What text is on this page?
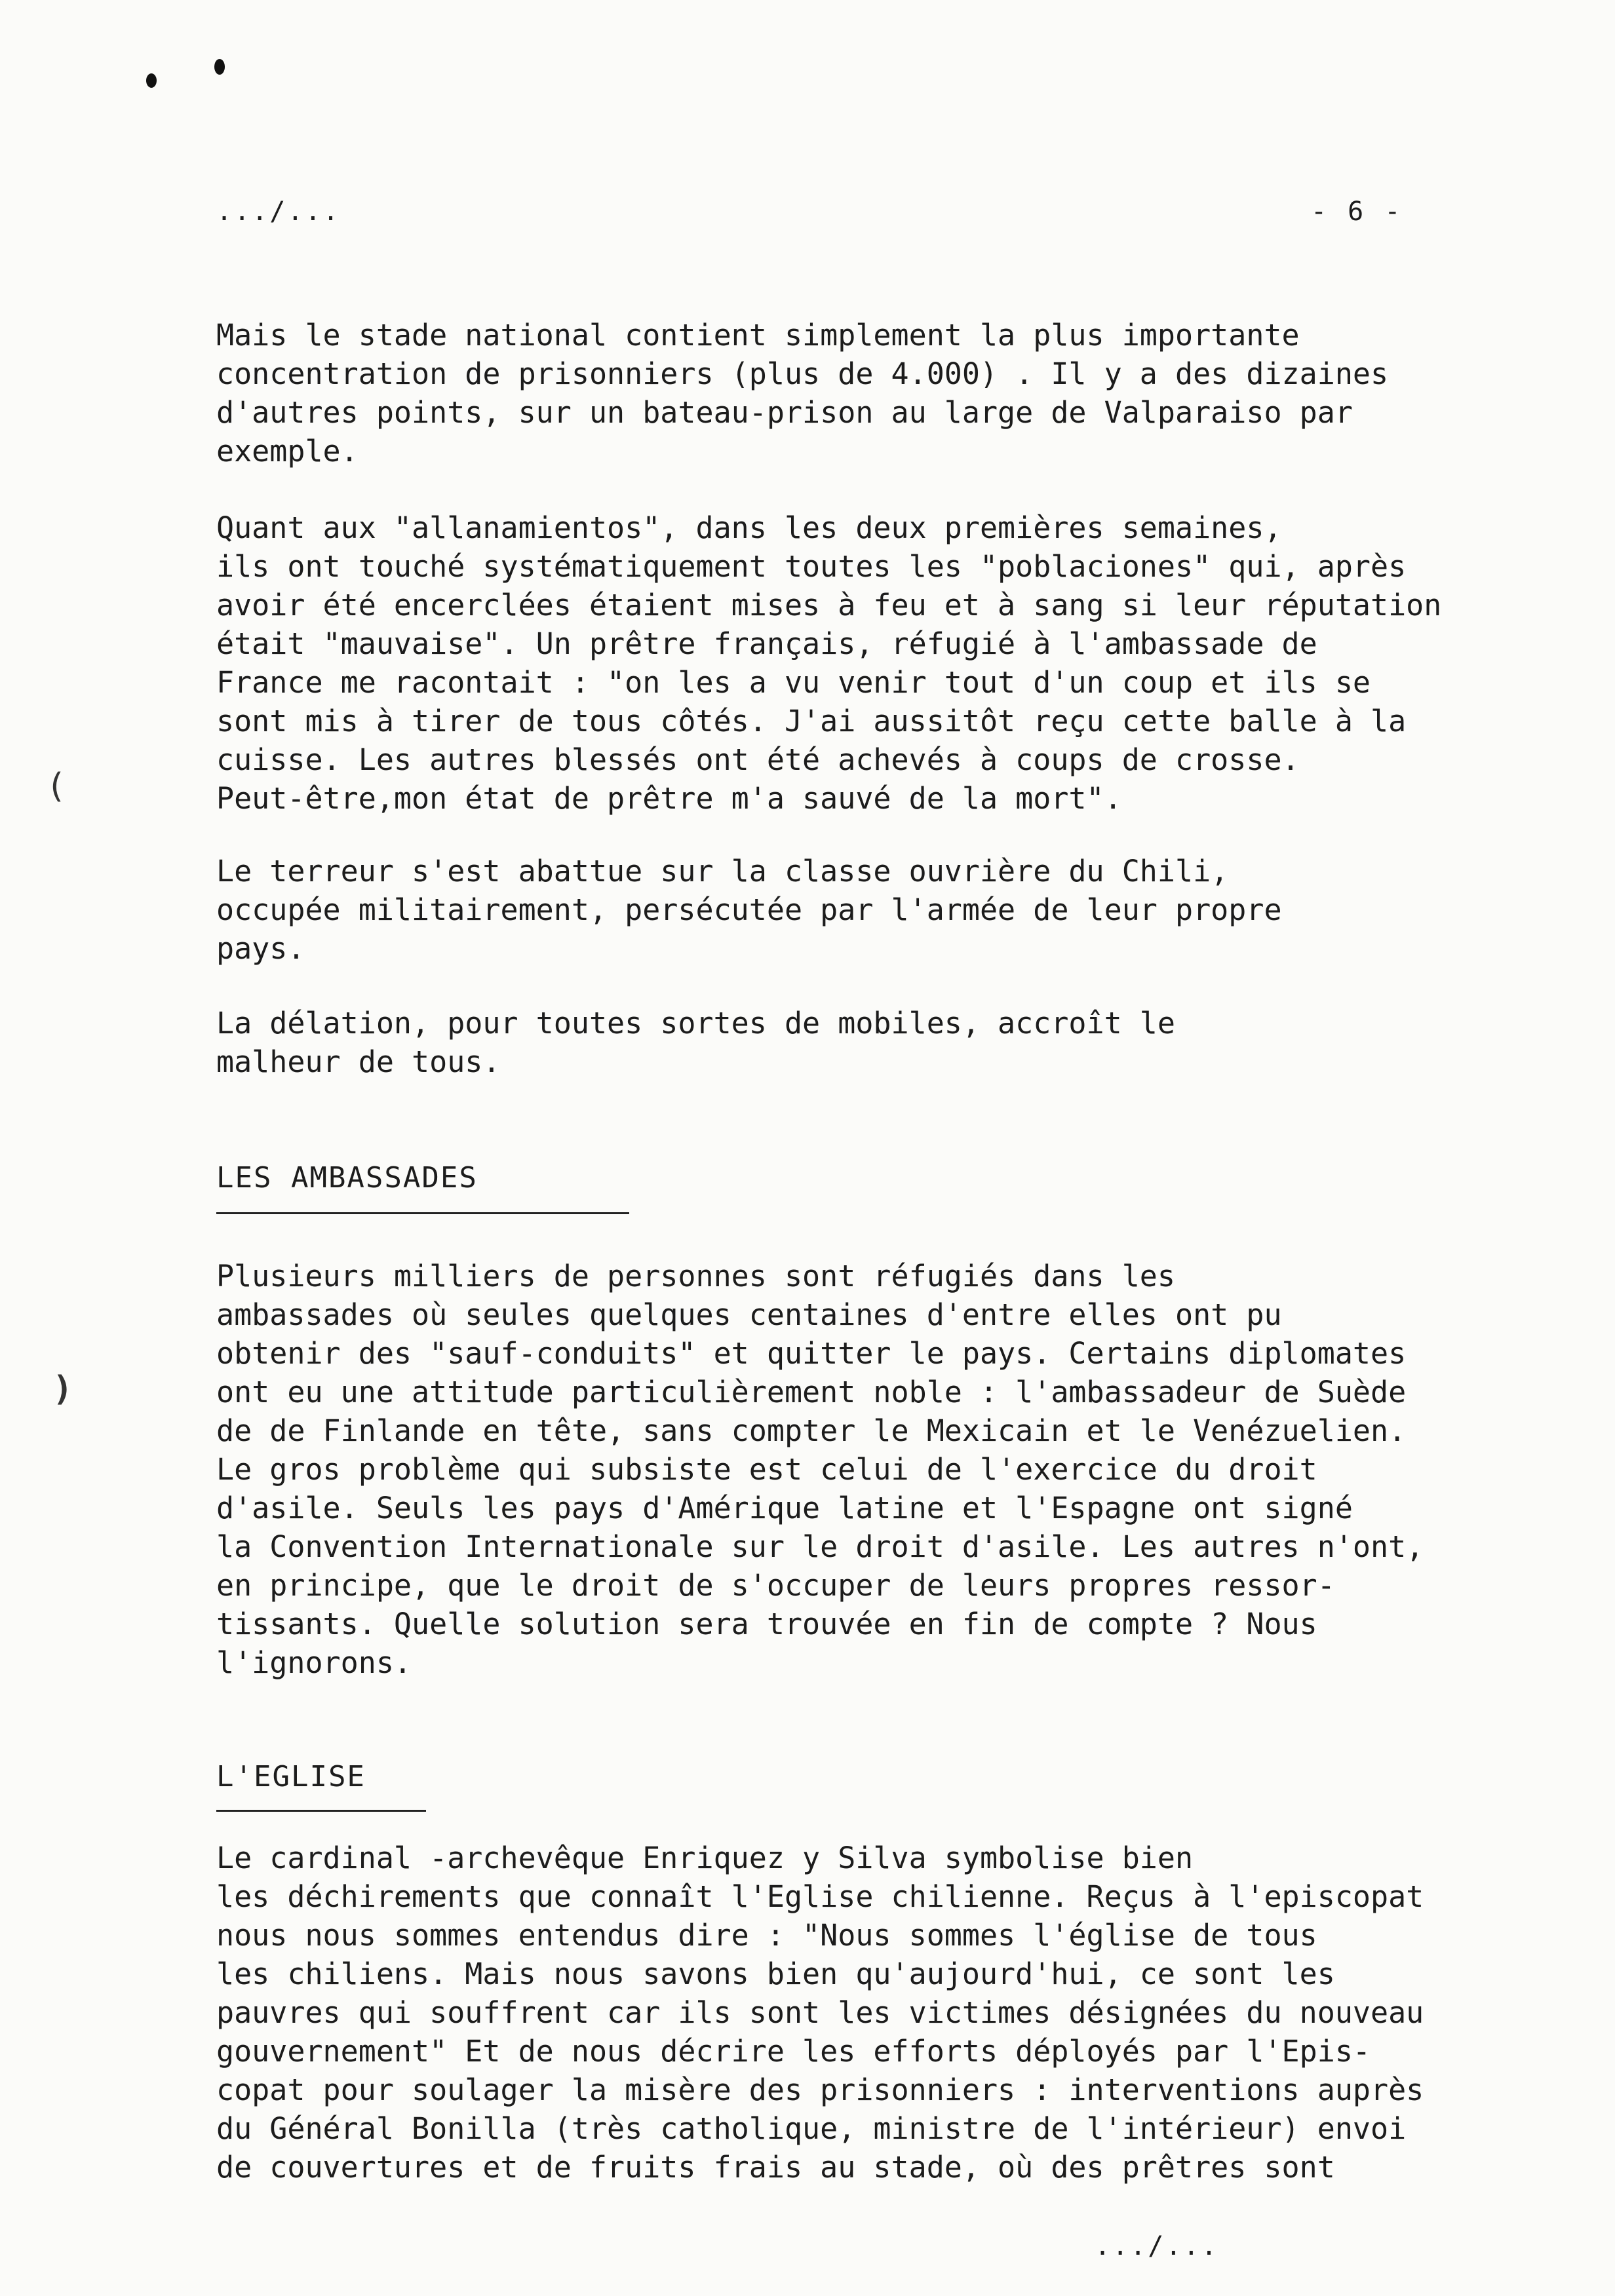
(
)
.../...	- 6 -

Mais le stade national contient simplement la plus importante
concentration de prisonniers (plus de 4.000) . Il y a des dizaines
d'autres points, sur un bateau-prison au large de Valparaiso par
exemple.

Quant aux "allanamientos", dans les deux premières semaines,
ils ont touché systématiquement toutes les "poblaciones" qui, après
avoir été encerclées étaient mises à feu et à sang si leur réputation
était "mauvaise". Un prêtre français, réfugié à l'ambassade de
France me racontait : "on les a vu venir tout d'un coup et ils se
sont mis à tirer de tous côtés. J'ai aussitôt reçu cette balle à la
cuisse. Les autres blessés ont été achevés à coups de crosse.
Peut-être,mon état de prêtre m'a sauvé de la mort".

Le terreur s'est abattue sur la classe ouvrière du Chili,
occupée militairement, persécutée par l'armée de leur propre
pays.

La délation, pour toutes sortes de mobiles, accroît le
malheur de tous.

LES AMBASSADES

Plusieurs milliers de personnes sont réfugiés dans les
ambassades où seules quelques centaines d'entre elles ont pu
obtenir des "sauf-conduits" et quitter le pays. Certains diplomates
ont eu une attitude particulièrement noble : l'ambassadeur de Suède
de de Finlande en tête, sans compter le Mexicain et le Venézuelien.
Le gros problème qui subsiste est celui de l'exercice du droit
d'asile. Seuls les pays d'Amérique latine et l'Espagne ont signé
la Convention Internationale sur le droit d'asile. Les autres n'ont,
en principe, que le droit de s'occuper de leurs propres ressor-
tissants. Quelle solution sera trouvée en fin de compte ? Nous
l'ignorons.

L'EGLISE

Le cardinal -archevêque Enriquez y Silva symbolise bien
les déchirements que connaît l'Eglise chilienne. Reçus à l'episcopat
nous nous sommes entendus dire : "Nous sommes l'église de tous
les chiliens. Mais nous savons bien qu'aujourd'hui, ce sont les
pauvres qui souffrent car ils sont les victimes désignées du nouveau
gouvernement" Et de nous décrire les efforts déployés par l'Epis-
copat pour soulager la misère des prisonniers : interventions auprès
du Général Bonilla (très catholique, ministre de l'intérieur) envoi
de couvertures et de fruits frais au stade, où des prêtres sont

.../...
